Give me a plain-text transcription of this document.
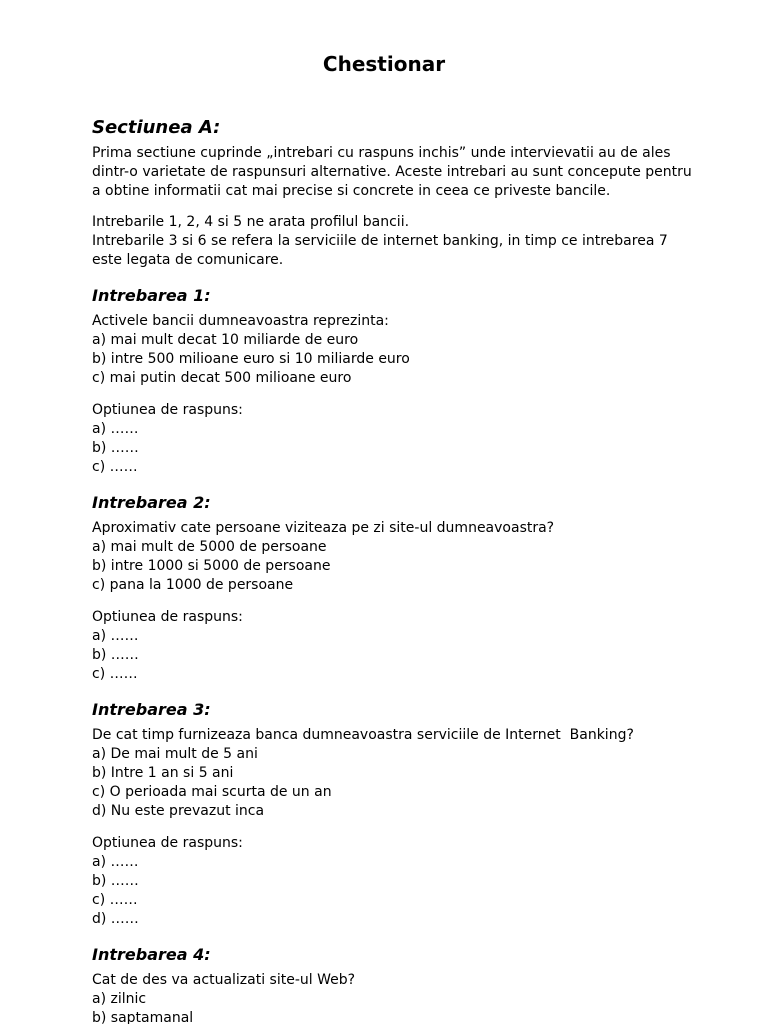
Chestionar
Sectiunea A:
Prima sectiune cuprinde „intrebari cu raspuns inchis” unde intervievatii au de ales dintr-o varietate de raspunsuri alternative. Aceste intrebari au sunt concepute pentru a obtine informatii cat mai precise si concrete in ceea ce priveste bancile.
Intrebarile 1, 2, 4 si 5 ne arata profilul bancii.
Intrebarile 3 si 6 se refera la serviciile de internet banking, in timp ce intrebarea 7 este legata de comunicare.
Intrebarea 1:
Activele bancii dumneavoastra reprezinta:
a) mai mult decat 10 miliarde de euro
b) intre 500 milioane euro si 10 miliarde euro
c) mai putin decat 500 milioane euro
Optiunea de raspuns:
a) ……
b) ……
c) ……
Intrebarea 2:
Aproximativ cate persoane viziteaza pe zi site-ul dumneavoastra?
a) mai mult de 5000 de persoane
b) intre 1000 si 5000 de persoane
c) pana la 1000 de persoane
Optiunea de raspuns:
a) ……
b) ……
c) ……
Intrebarea 3:
De cat timp furnizeaza banca dumneavoastra serviciile de Internet  Banking?
a) De mai mult de 5 ani
b) Intre 1 an si 5 ani
c) O perioada mai scurta de un an
d) Nu este prevazut inca
Optiunea de raspuns:
a) ……
b) ……
c) ……
d) ……
Intrebarea 4:
Cat de des va actualizati site-ul Web?
a) zilnic
b) saptamanal
